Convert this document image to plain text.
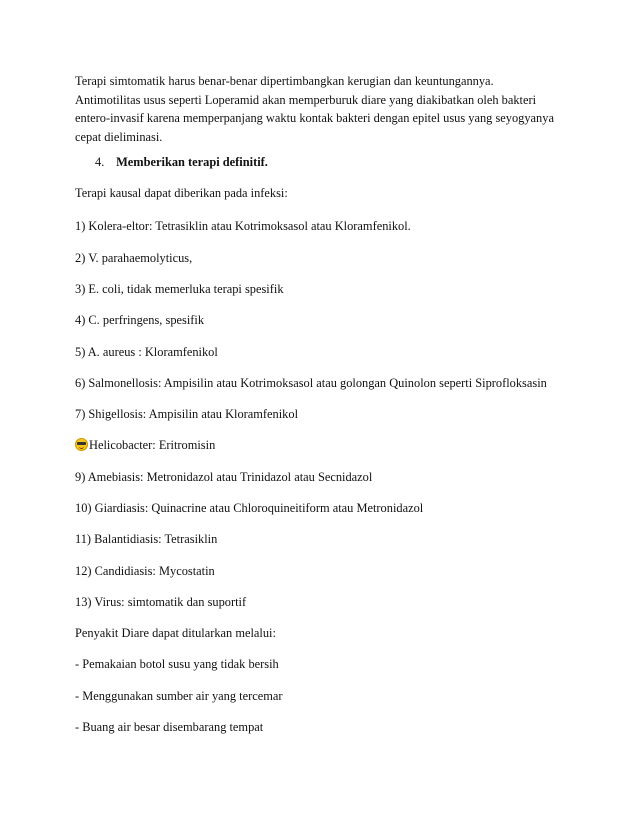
Terapi simtomatik harus benar-benar dipertimbangkan kerugian dan keuntungannya.
Antimotilitas usus seperti Loperamid akan memperburuk diare yang diakibatkan oleh bakteri
entero-invasif karena memperpanjang waktu kontak bakteri dengan epitel usus yang seyogyanya
cepat dieliminasi.
4. Memberikan terapi definitif.

Terapi kausal dapat diberikan pada infeksi:

1) Kolera-eltor: Tetrasiklin atau Kotrimoksasol atau Kloramfenikol.

2) V. parahaemolyticus,

3) E. coli, tidak memerluka terapi spesifik

4) C. perfringens, spesifik

5) A. aureus : Kloramfenikol

6) Salmonellosis: Ampisilin atau Kotrimoksasol atau golongan Quinolon seperti Siprofloksasin

7) Shigellosis: Ampisilin atau Kloramfenikol

Helicobacter: Eritromisin

9) Amebiasis: Metronidazol atau Trinidazol atau Secnidazol

10) Giardiasis: Quinacrine atau Chloroquineitiform atau Metronidazol

11) Balantidiasis: Tetrasiklin

12) Candidiasis: Mycostatin

13) Virus: simtomatik dan suportif

Penyakit Diare dapat ditularkan melalui:

- Pemakaian botol susu yang tidak bersih

- Menggunakan sumber air yang tercemar

- Buang air besar disembarang tempat
